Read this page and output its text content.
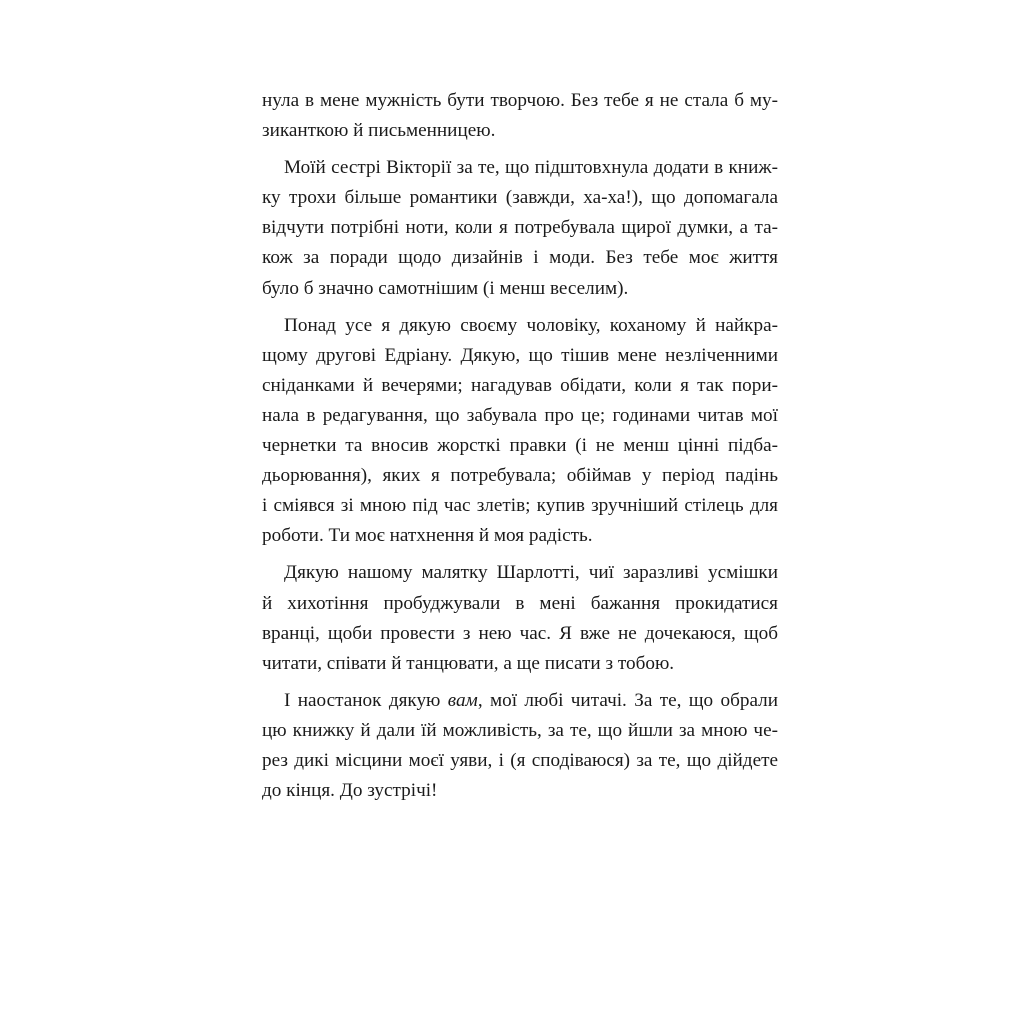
нула в мене мужність бути творчою. Без тебе я не стала б му-
зиканткою й письменницею.
Моїй сестрі Вікторії за те, що підштовхнула додати в книж-
ку трохи більше романтики (завжди, ха-ха!), що допомагала
відчути потрібні ноти, коли я потребувала щирої думки, а та-
кож за поради щодо дизайнів і моди. Без тебе моє життя
було б значно самотнішим (і менш веселим).
Понад усе я дякую своєму чоловіку, коханому й найкра-
щому другові Едріану. Дякую, що тішив мене незліченними
сніданками й вечерями; нагадував обідати, коли я так пори-
нала в редагування, що забувала про це; годинами читав мої
чернетки та вносив жорсткі правки (і не менш цінні підба-
дьорювання), яких я потребувала; обіймав у період падінь
і сміявся зі мною під час злетів; купив зручніший стілець для
роботи. Ти моє натхнення й моя радість.
Дякую нашому малятку Шарлотті, чиї заразливі усмішки
й хихотіння пробуджували в мені бажання прокидатися
вранці, щоби провести з нею час. Я вже не дочекаюся, щоб
читати, співати й танцювати, а ще писати з тобою.
І наостанок дякую вам, мої любі читачі. За те, що обрали
цю книжку й дали їй можливість, за те, що йшли за мною че-
рез дикі місцини моєї уяви, і (я сподіваюся) за те, що дійдете
до кінця. До зустрічі!
